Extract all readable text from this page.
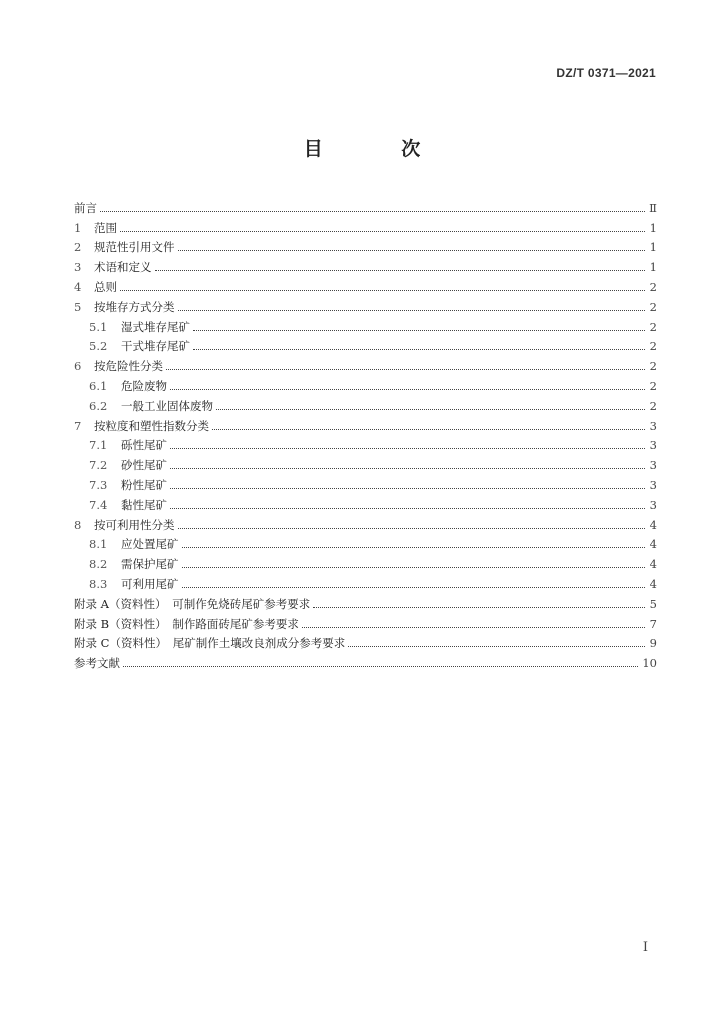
DZ/T 0371—2021
目 次
前言	Ⅱ
1	范围	1
2	规范性引用文件	1
3	术语和定义	1
4	总则	2
5	按堆存方式分类	2
5.1	湿式堆存尾矿	2
5.2	干式堆存尾矿	2
6	按危险性分类	2
6.1	危险废物	2
6.2	一般工业固体废物	2
7	按粒度和塑性指数分类	3
7.1	砾性尾矿	3
7.2	砂性尾矿	3
7.3	粉性尾矿	3
7.4	黏性尾矿	3
8	按可利用性分类	4
8.1	应处置尾矿	4
8.2	需保护尾矿	4
8.3	可利用尾矿	4
附录 A（资料性）　可制作免烧砖尾矿参考要求	5
附录 B（资料性）　制作路面砖尾矿参考要求	7
附录 C（资料性）　尾矿制作土壤改良剂成分参考要求	9
参考文献	10
Ⅰ
